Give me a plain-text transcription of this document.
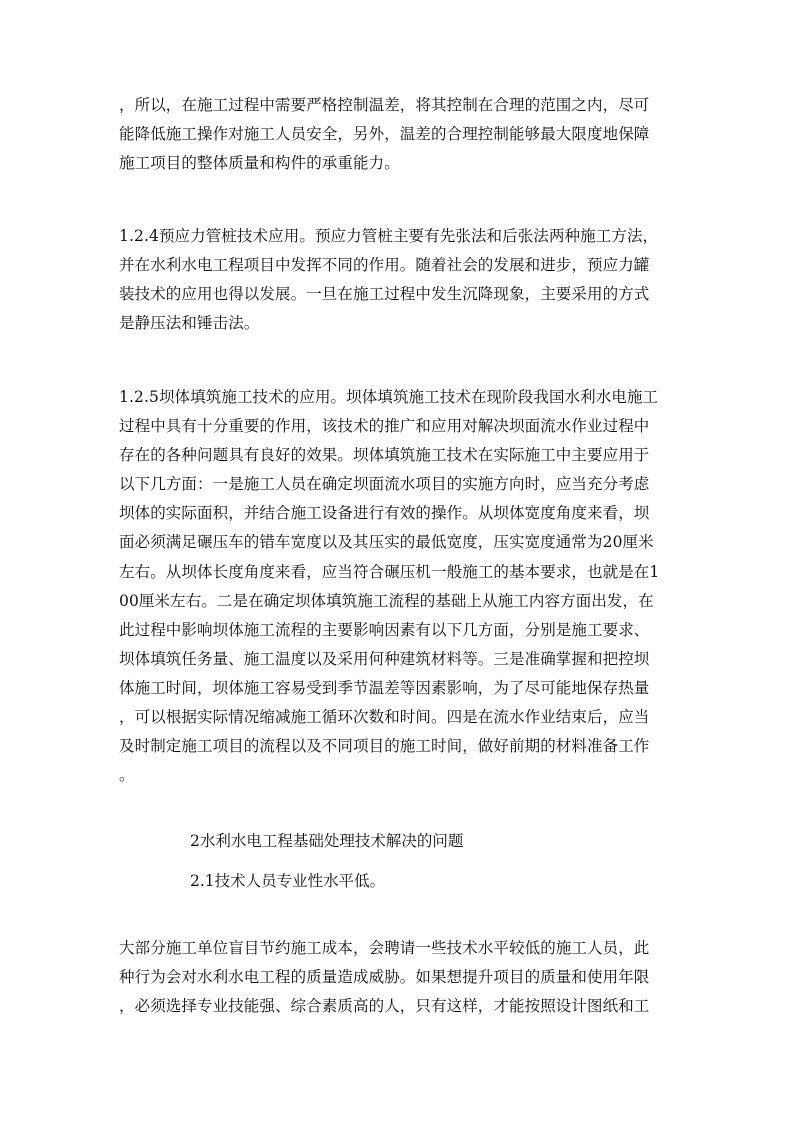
，所以，在施工过程中需要严格控制温差，将其控制在合理的范围之内，尽可
能降低施工操作对施工人员安全，另外，温差的合理控制能够最大限度地保障
施工项目的整体质量和构件的承重能力。
1.2.4预应力管桩技术应用。预应力管桩主要有先张法和后张法两种施工方法，
并在水利水电工程项目中发挥不同的作用。随着社会的发展和进步，预应力罐
装技术的应用也得以发展。一旦在施工过程中发生沉降现象，主要采用的方式
是静压法和锤击法。
1.2.5坝体填筑施工技术的应用。坝体填筑施工技术在现阶段我国水利水电施工
过程中具有十分重要的作用，该技术的推广和应用对解决坝面流水作业过程中
存在的各种问题具有良好的效果。坝体填筑施工技术在实际施工中主要应用于
以下几方面：一是施工人员在确定坝面流水项目的实施方向时，应当充分考虑
坝体的实际面积，并结合施工设备进行有效的操作。从坝体宽度角度来看，坝
面必须满足碾压车的错车宽度以及其压实的最低宽度，压实宽度通常为20厘米
左右。从坝体长度角度来看，应当符合碾压机一般施工的基本要求，也就是在1
00厘米左右。二是在确定坝体填筑施工流程的基础上从施工内容方面出发，在
此过程中影响坝体施工流程的主要影响因素有以下几方面，分别是施工要求、
坝体填筑任务量、施工温度以及采用何种建筑材料等。三是准确掌握和把控坝
体施工时间，坝体施工容易受到季节温差等因素影响，为了尽可能地保存热量
，可以根据实际情况缩减施工循环次数和时间。四是在流水作业结束后，应当
及时制定施工项目的流程以及不同项目的施工时间，做好前期的材料准备工作
。

2水利水电工程基础处理技术解决的问题

2.1技术人员专业性水平低。

大部分施工单位盲目节约施工成本，会聘请一些技术水平较低的施工人员，此
种行为会对水利水电工程的质量造成威胁。如果想提升项目的质量和使用年限
，必须选择专业技能强、综合素质高的人，只有这样，才能按照设计图纸和工
